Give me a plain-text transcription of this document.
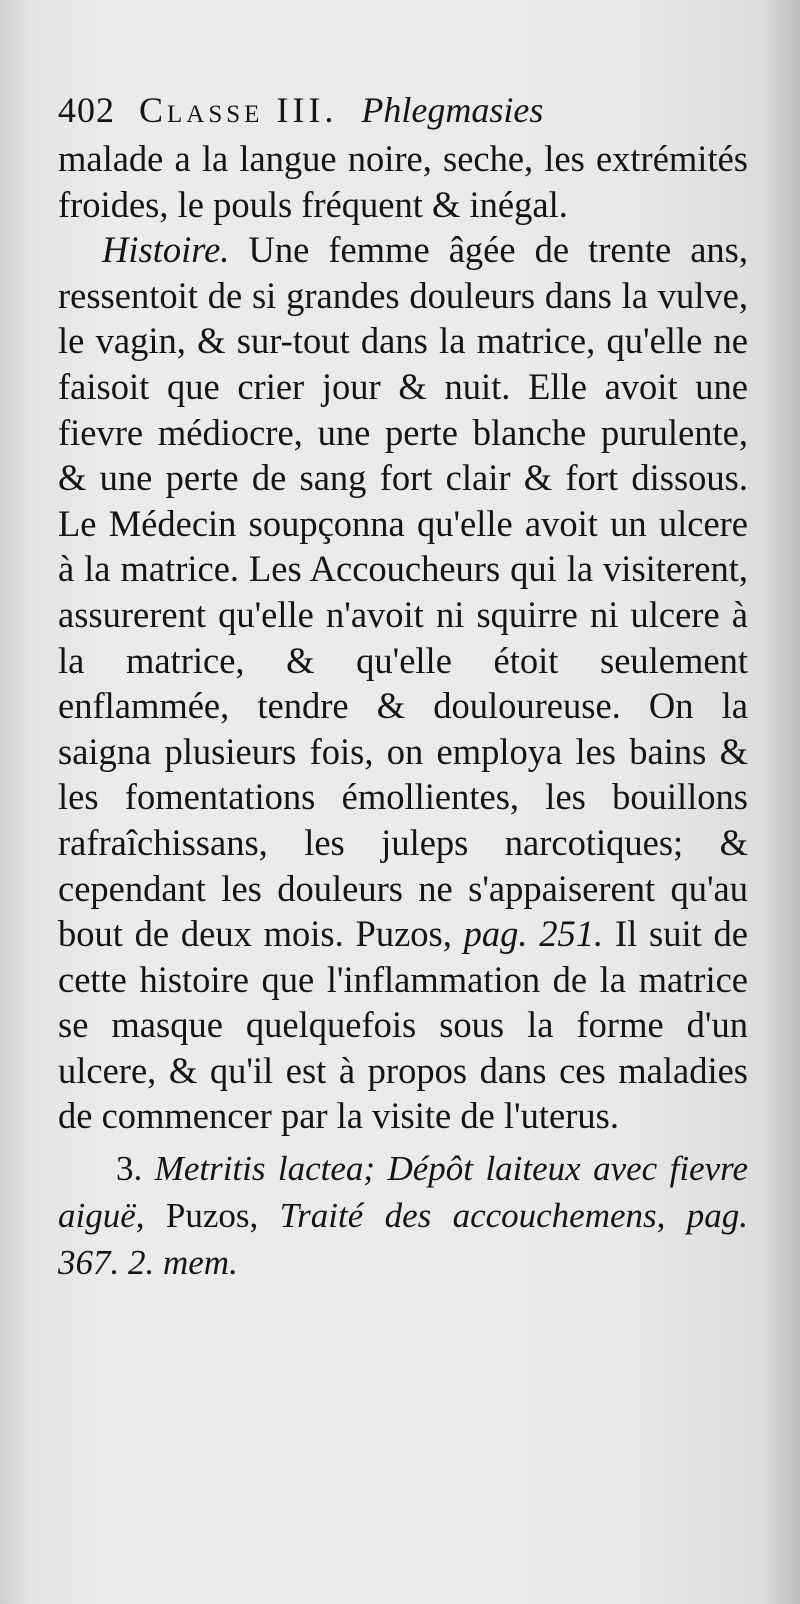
402 Classe III. Phlegmasies

malade a la langue noire, seche, les extrémités froides, le pouls fréquent & inégal.

Histoire. Une femme âgée de trente ans, ressentoit de si grandes douleurs dans la vulve, le vagin, & sur-tout dans la matrice, qu'elle ne faisoit que crier jour & nuit. Elle avoit une fievre médiocre, une perte blanche purulente, & une perte de sang fort clair & fort dissous. Le Médecin soupçonna qu'elle avoit un ulcere à la matrice. Les Accoucheurs qui la visiterent, assurerent qu'elle n'avoit ni squirre ni ulcere à la matrice, & qu'elle étoit seulement enflammée, tendre & douloureuse. On la saigna plusieurs fois, on employa les bains & les fomentations émollientes, les bouillons rafraîchissans, les juleps narcotiques; & cependant les douleurs ne s'appaiserent qu'au bout de deux mois. Puzos, pag. 251. Il suit de cette histoire que l'inflammation de la matrice se masque quelquefois sous la forme d'un ulcere, & qu'il est à propos dans ces maladies de commencer par la visite de l'uterus.

3. Metritis lactea; Dépôt laiteux avec fievre aiguë, Puzos, Traité des accouchemens, pag. 367. 2. mem.
